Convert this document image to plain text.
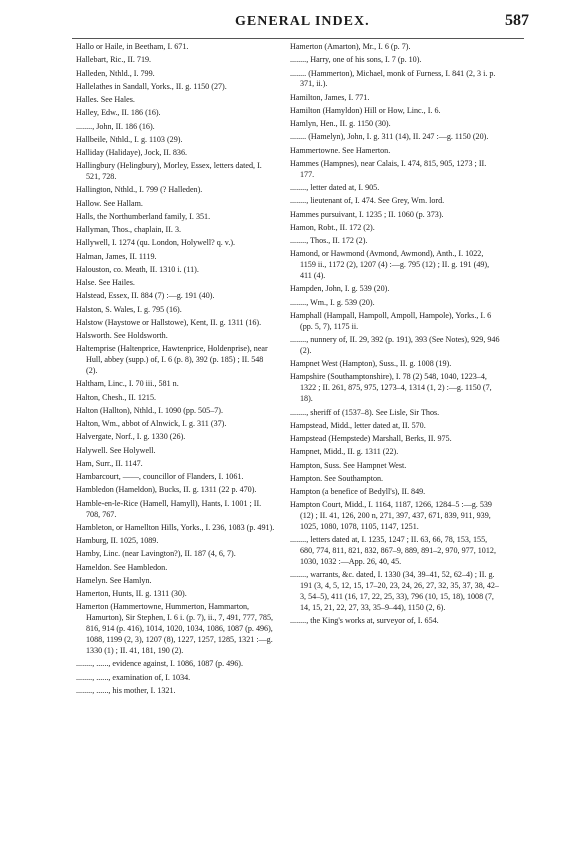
GENERAL INDEX.	587
Hallo or Haile, in Beetham, I. 671.
Hallebart, Ric., II. 719.
Halleden, Nthld., I. 799.
Hallelathes in Sandall, Yorks., II. g. 1150 (27).
Halles. See Hales.
Halley, Edw., II. 186 (16).
........, John, II. 186 (16).
Hallbeile, Nthld., I. g. 1103 (29).
Halliday (Halidaye), Jock, II. 836.
Hallingbury (Helingbury), Morley, Essex, letters dated, I. 521, 728.
Hallington, Nthld., I. 799 (? Halleden).
Hallow. See Hallam.
Halls, the Northumberland family, I. 351.
Hallyman, Thos., chaplain, II. 3.
Hallywell, I. 1274 (qu. London, Holywell? q. v.).
Halman, James, II. 1119.
Halouston, co. Meath, II. 1310 i. (11).
Halse. See Hailes.
Halstead, Essex, II. 884 (7) :—g. 191 (40).
Halston, S. Wales, I. g. 795 (16).
Halstow (Haystowe or Hallstowe), Kent, II. g. 1311 (16).
Halsworth. See Holdsworth.
Haltemprise (Haltenprice, Hawtenprice, Holdenprise), near Hull, abbey (supp.) of, I. 6 (p. 8), 392 (p. 185) ; II. 548 (2).
Haltham, Linc., I. 70 iii., 581 n.
Halton, Chesh., II. 1215.
Halton (Hallton), Nthld., I. 1090 (pp. 505–7).
Halton, Wm., abbot of Alnwick, I. g. 311 (37).
Halvergate, Norf., I. g. 1330 (26).
Halywell. See Holywell.
Ham, Surr., II. 1147.
Hambarcourt, ——, councillor of Flanders, I. 1061.
Hambledon (Hameldon), Bucks, II. g. 1311 (22 p. 470).
Hamble-en-le-Rice (Hamell, Hamyll), Hants, I. 1001 ; II. 708, 767.
Hambleton, or Hamellton Hills, Yorks., I. 236, 1083 (p. 491).
Hamburg, II. 1025, 1089.
Hamby, Linc. (near Lavington?), II. 187 (4, 6, 7).
Hameldon. See Hambledon.
Hamelyn. See Hamlyn.
Hamerton, Hunts, II. g. 1311 (30).
Hamerton (Hammertowne, Hummerton, Hammarton, Hamurton), Sir Stephen, I. 6 i. (p. 7), ii., 7, 491, 777, 785, 816, 914 (p. 416), 1014, 1020, 1034, 1086, 1087 (p. 496), 1088, 1199 (2, 3), 1207 (8), 1227, 1257, 1285, 1321 :—g. 1330 (1) ; II. 41, 181, 190 (2).
........, ......, evidence against, I. 1086, 1087 (p. 496).
........, ......, examination of, I. 1034.
........, ......, his mother, I. 1321.
Hamerton (Amarton), Mr., I. 6 (p. 7).
........, Harry, one of his sons, I. 7 (p. 10).
........ (Hammerton), Michael, monk of Furness, I. 841 (2, 3 i. p. 371, ii.).
Hamilton, James, I. 771.
Hamilton (Hamyldon) Hill or How, Linc., I. 6.
Hamlyn, Hen., II. g. 1150 (30).
........ (Hamelyn), John, I. g. 311 (14), II. 247 :—g. 1150 (20).
Hammertowne. See Hamerton.
Hammes (Hampnes), near Calais, I. 474, 815, 905, 1273 ; II. 177.
........, letter dated at, I. 905.
........, lieutenant of, I. 474. See Grey, Wm. lord.
Hammes pursuivant, I. 1235 ; II. 1060 (p. 373).
Hamon, Robt., II. 172 (2).
........, Thos., II. 172 (2).
Hamond, or Hawmond (Avmond, Awmond), Anth., I. 1022, 1159 ii., 1172 (2), 1207 (4) :—g. 795 (12) ; II. g. 191 (49), 411 (4).
Hampden, John, I. g. 539 (20).
........, Wm., I. g. 539 (20).
Hamphall (Hampall, Hampoll, Ampoll, Hampole), Yorks., I. 6 (pp. 5, 7), 1175 ii.
........, nunnery of, II. 29, 392 (p. 191), 393 (See Notes), 929, 946 (2).
Hampnet West (Hampton), Suss., II. g. 1008 (19).
Hampshire (Southamptonshire), I. 78 (2) 548, 1040, 1223–4, 1322 ; II. 261, 875, 975, 1273–4, 1314 (1, 2) :—g. 1150 (7, 18).
........, sheriff of (1537–8). See Lisle, Sir Thos.
Hampstead, Midd., letter dated at, II. 570.
Hampstead (Hempstede) Marshall, Berks, II. 975.
Hampnet, Midd., II. g. 1311 (22).
Hampton, Suss. See Hampnet West.
Hampton. See Southampton.
Hampton (a benefice of Bedyll's), II. 849.
Hampton Court, Midd., I. 1164, 1187, 1266, 1284–5 :—g. 539 (12) ; II. 41, 126, 200 n, 271, 397, 437, 671, 839, 911, 939, 1025, 1080, 1078, 1105, 1147, 1251.
........, letters dated at, I. 1235, 1247 ; II. 63, 66, 78, 153, 155, 680, 774, 811, 821, 832, 867–9, 889, 891–2, 970, 977, 1012, 1030, 1032 :—App. 26, 40, 45.
........, warrants, &c. dated, I. 1330 (34, 39–41, 52, 62–4) ; II. g. 191 (3, 4, 5, 12, 15, 17–20, 23, 24, 26, 27, 32, 35, 37, 38, 42–3, 54–5), 411 (16, 17, 22, 25, 33), 796 (10, 15, 18), 1008 (7, 14, 15, 21, 22, 27, 33, 35–9–44), 1150 (2, 6).
........, the King's works at, surveyor of, I. 654.
